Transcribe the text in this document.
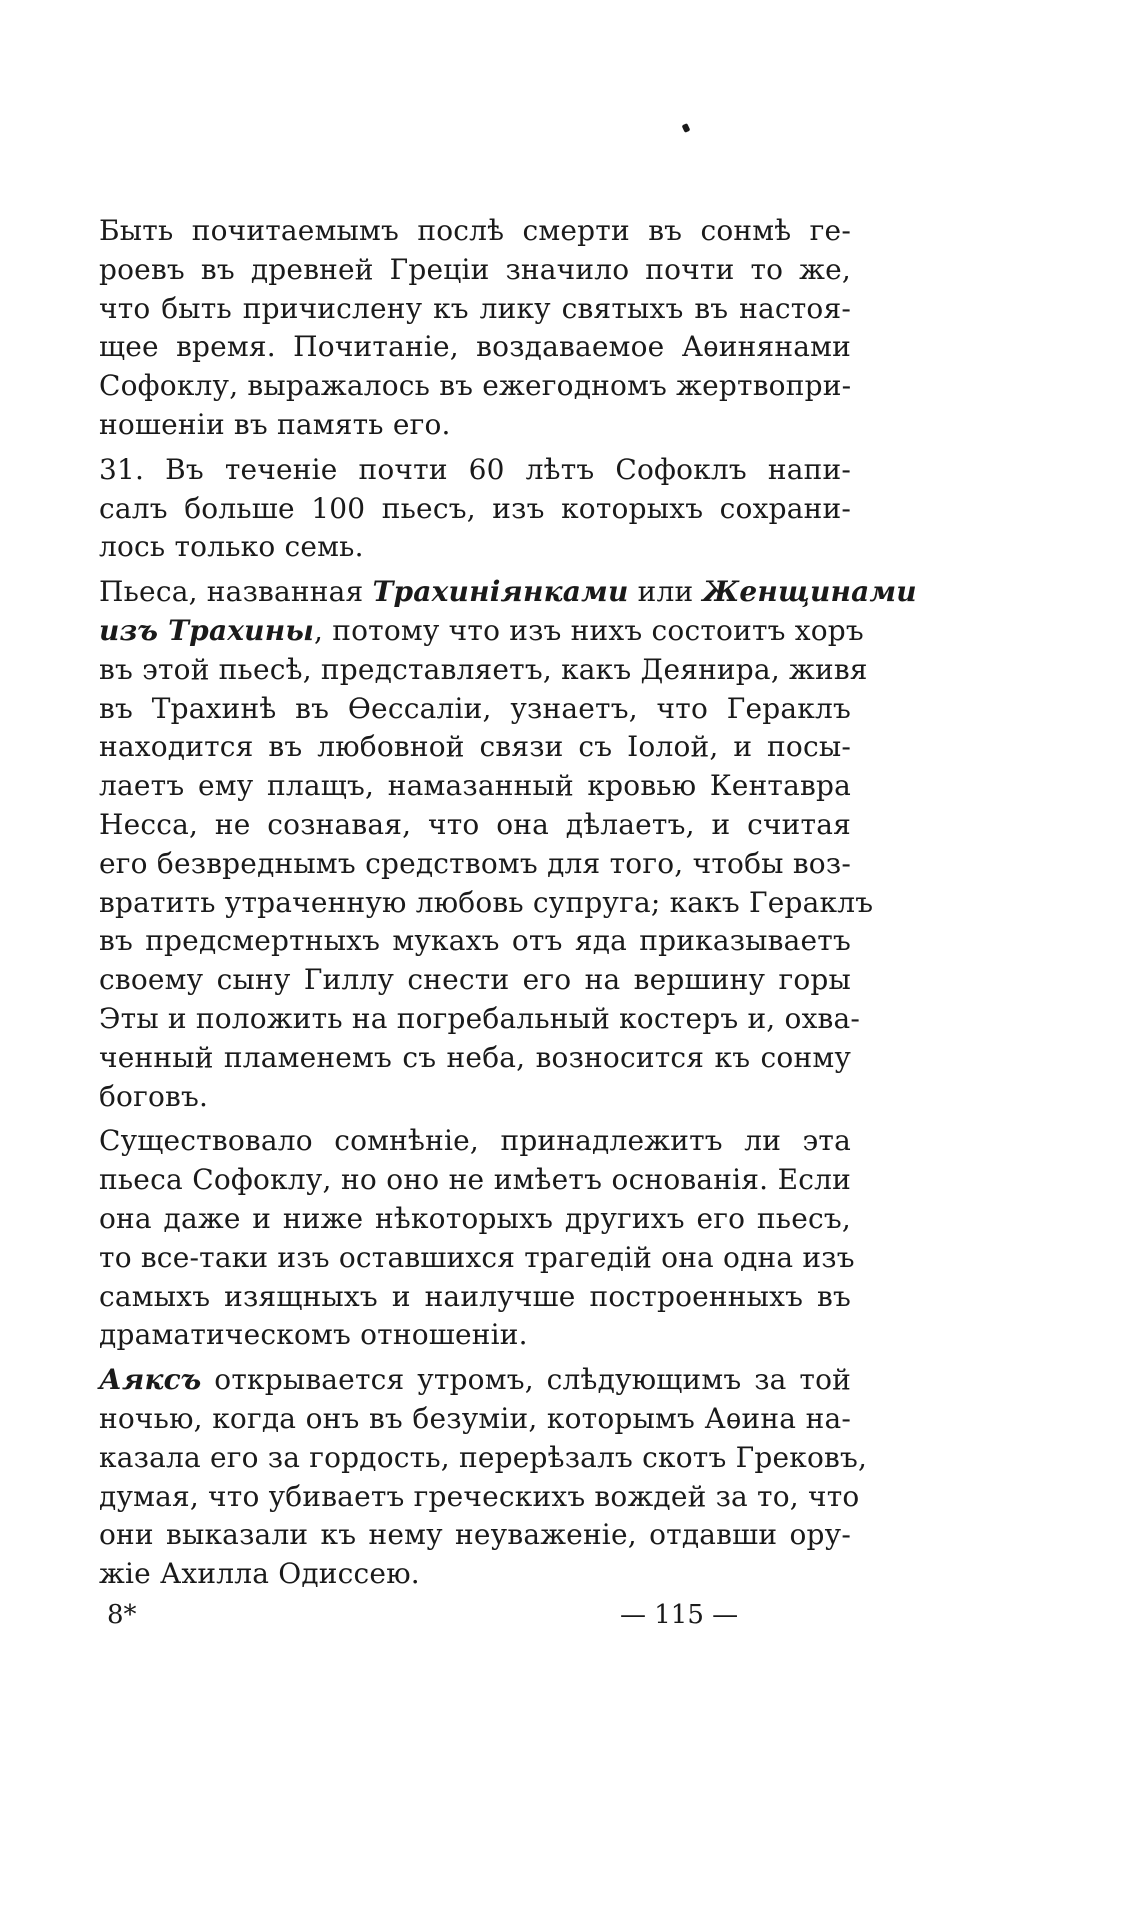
Быть почитаемымъ послѣ смерти въ сонмѣ ге-
роевъ въ древней Греціи значило почти то же,
что быть причислену къ лику святыхъ въ настоя-
щее время. Почитаніе, воздаваемое Аѳинянами
Софоклу, выражалось въ ежегодномъ жертвопри-
ношеніи въ память его.
31. Въ теченіе почти 60 лѣтъ Софоклъ напи-
салъ больше 100 пьесъ, изъ которыхъ сохрани-
лось только семь.
Пьеса, названная Трахиніянками или Женщинами
изъ Трахины, потому что изъ нихъ состоитъ хоръ
въ этой пьесѣ, представляетъ, какъ Деянира, живя
въ Трахинѣ въ Ѳессаліи, узнаетъ, что Гераклъ
находится въ любовной связи съ Іолой, и посы-
лаетъ ему плащъ, намазанный кровью Кентавра
Несса, не сознавая, что она дѣлаетъ, и считая
его безвреднымъ средствомъ для того, чтобы воз-
вратить утраченную любовь супруга; какъ Гераклъ
въ предсмертныхъ мукахъ отъ яда приказываетъ
своему сыну Гиллу снести его на вершину горы
Эты и положить на погребальный костеръ и, охва-
ченный пламенемъ съ неба, возносится къ сонму
боговъ.
Существовало сомнѣніе, принадлежитъ ли эта
пьеса Софоклу, но оно не имѣетъ основанія. Если
она даже и ниже нѣкоторыхъ другихъ его пьесъ,
то все-таки изъ оставшихся трагедій она одна изъ
самыхъ изящныхъ и наилучше построенныхъ въ
драматическомъ отношеніи.
Аяксъ открывается утромъ, слѣдующимъ за той
ночью, когда онъ въ безуміи, которымъ Аѳина на-
казала его за гордость, перерѣзалъ скотъ Грековъ,
думая, что убиваетъ греческихъ вождей за то, что
они выказали къ нему неуваженіе, отдавши ору-
жіе Ахилла Одиссею.
8*	— 115 —
